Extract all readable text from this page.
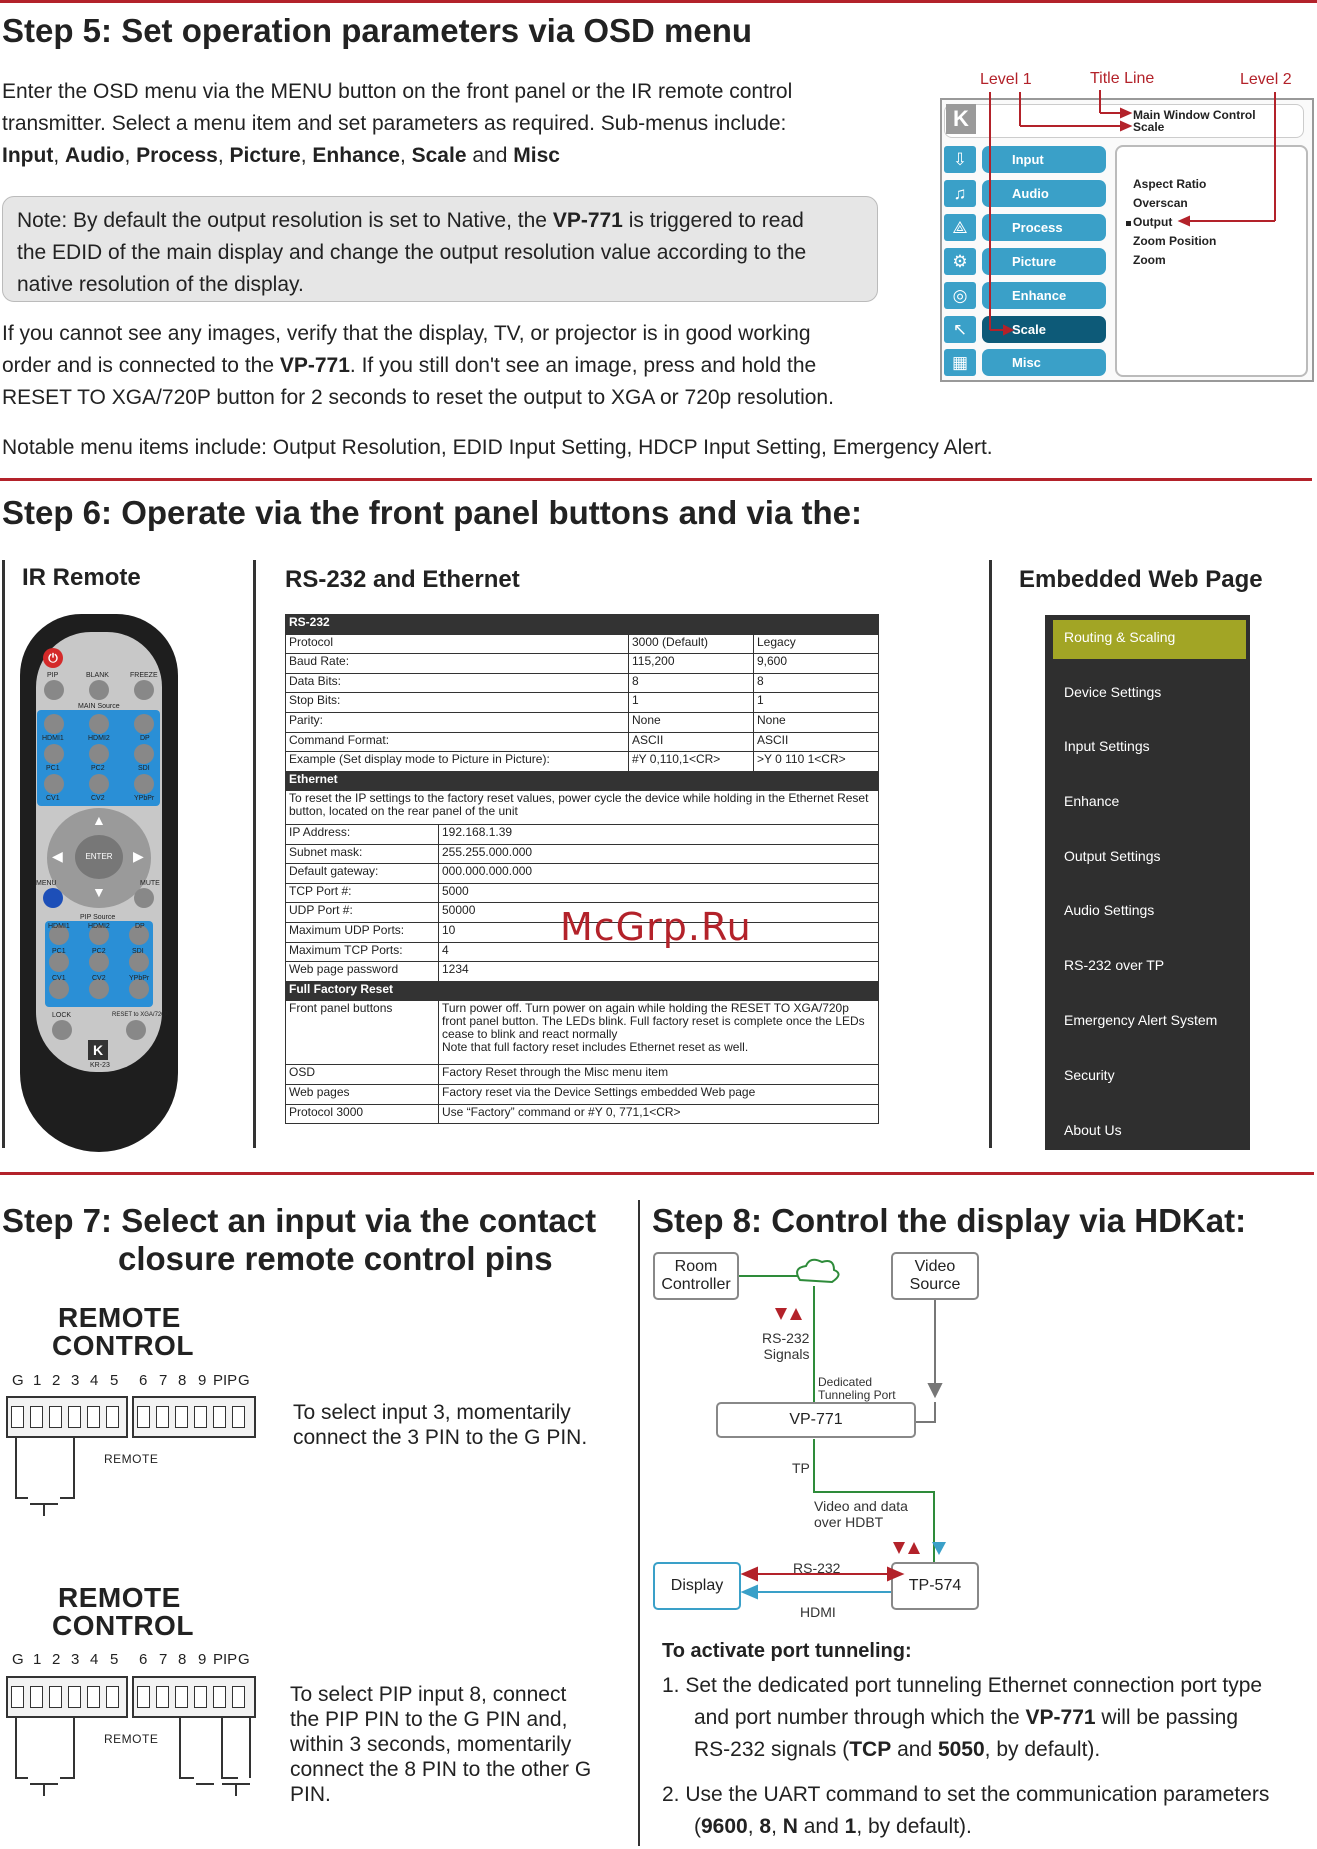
Step 5: Set operation parameters via OSD menu
Enter the OSD menu via the MENU button on the front panel or the IR remote control
transmitter. Select a menu item and set parameters as required. Sub-menus include:
Input, Audio, Process, Picture, Enhance, Scale and Misc
Note: By default the output resolution is set to Native, the VP-771 is triggered to read
the EDID of the main display and change the output resolution value according to the
native resolution of the display.
If you cannot see any images, verify that the display, TV, or projector is in good working
order and is connected to the VP-771. If you still don't see an image, press and hold the
RESET TO XGA/720P button for 2 seconds to reset the output to XGA or 720p resolution.
Notable menu items include: Output Resolution, EDID Input Setting, HDCP Input Setting, Emergency Alert.
Level 1	Title Line	Level 2
K	Main Window Control
Scale
⇩
♫
⟁
⚙
◎
↖
▦
Input
Audio
Process
Picture
Enhance
Scale
Misc
Aspect Ratio
Overscan
Output
Zoom Position
Zoom
Step 6: Operate via the front panel buttons and via the:
IR Remote	RS-232 and Ethernet	Embedded Web Page
⏻
PIP	BLANK	FREEZE
MAIN Source
HDMI1	HDMI2	DP
PC1	PC2	SDI
CV1	CV2	YPbPr
ENTER
▲
▼
◀	▶
MENU	MUTE
PIP Source
HDMI1	HDMI2	DP
PC1	PC2	SDI
CV1	CV2	YPbPr
LOCK	RESET to XGA/720P
K
KR-23
RS-232		
Protocol	3000 (Default)	Legacy
Baud Rate:	115,200	9,600
Data Bits:	8	8
Stop Bits:	1	1
Parity:	None	None
Command Format:	ASCII	ASCII
Example (Set display mode to Picture in Picture):	#Y 0,110,1<CR>	>Y 0 110 1<CR>
Ethernet		
To reset the IP settings to the factory reset values, power cycle the device while holding in the Ethernet Reset button, located on the rear panel of the unit		
IP Address:	192.168.1.39
Subnet mask:	255.255.000.000
Default gateway:	000.000.000.000
TCP Port #:	5000
UDP Port #:	50000
Maximum UDP Ports:	10
Maximum TCP Ports:	4
Web page password	1234
Full Factory Reset	
Front panel buttons	Turn power off. Turn power on again while holding the RESET TO XGA/720p front panel button. The LEDs blink. Full factory reset is complete once the LEDs cease to blink and react normally
Note that full factory reset includes Ethernet reset as well.

OSD	Factory Reset through the Misc menu item
Web pages	Factory reset via the Device Settings embedded Web page
Protocol 3000	Use “Factory” command or #Y 0, 771,1<CR>
McGrp.Ru
Routing & Scaling
Device Settings
Input Settings
Enhance
Output Settings
Audio Settings
RS-232 over TP
Emergency Alert System
Security
About Us
Step 7: Select an input via the contact
closure remote control pins
REMOTE
CONTROL
G 1 2 3 4 5 6 7 8 9 PIP G
REMOTE
To select input 3, momentarily connect the 3 PIN to the G PIN.
REMOTE
CONTROL
G 1 2 3 4 5 6 7 8 9 PIP G
REMOTE
To select PIP input 8, connect the PIP PIN to the G PIN and, within 3 seconds, momentarily connect the 8 PIN to the other G PIN.
Step 8: Control the display via HDKat:
Room
Controller
Video
Source
VP-771
Display	TP-574
RS-232
Signals
Dedicated
Tunneling Port
TP
Video and data
over HDBT
RS-232
HDMI
To activate port tunneling:
1. Set the dedicated port tunneling Ethernet connection port type
and port number through which the VP-771 will be passing
RS-232 signals (TCP and 5050, by default).
2. Use the UART command to set the communication parameters
(9600, 8, N and 1, by default).
